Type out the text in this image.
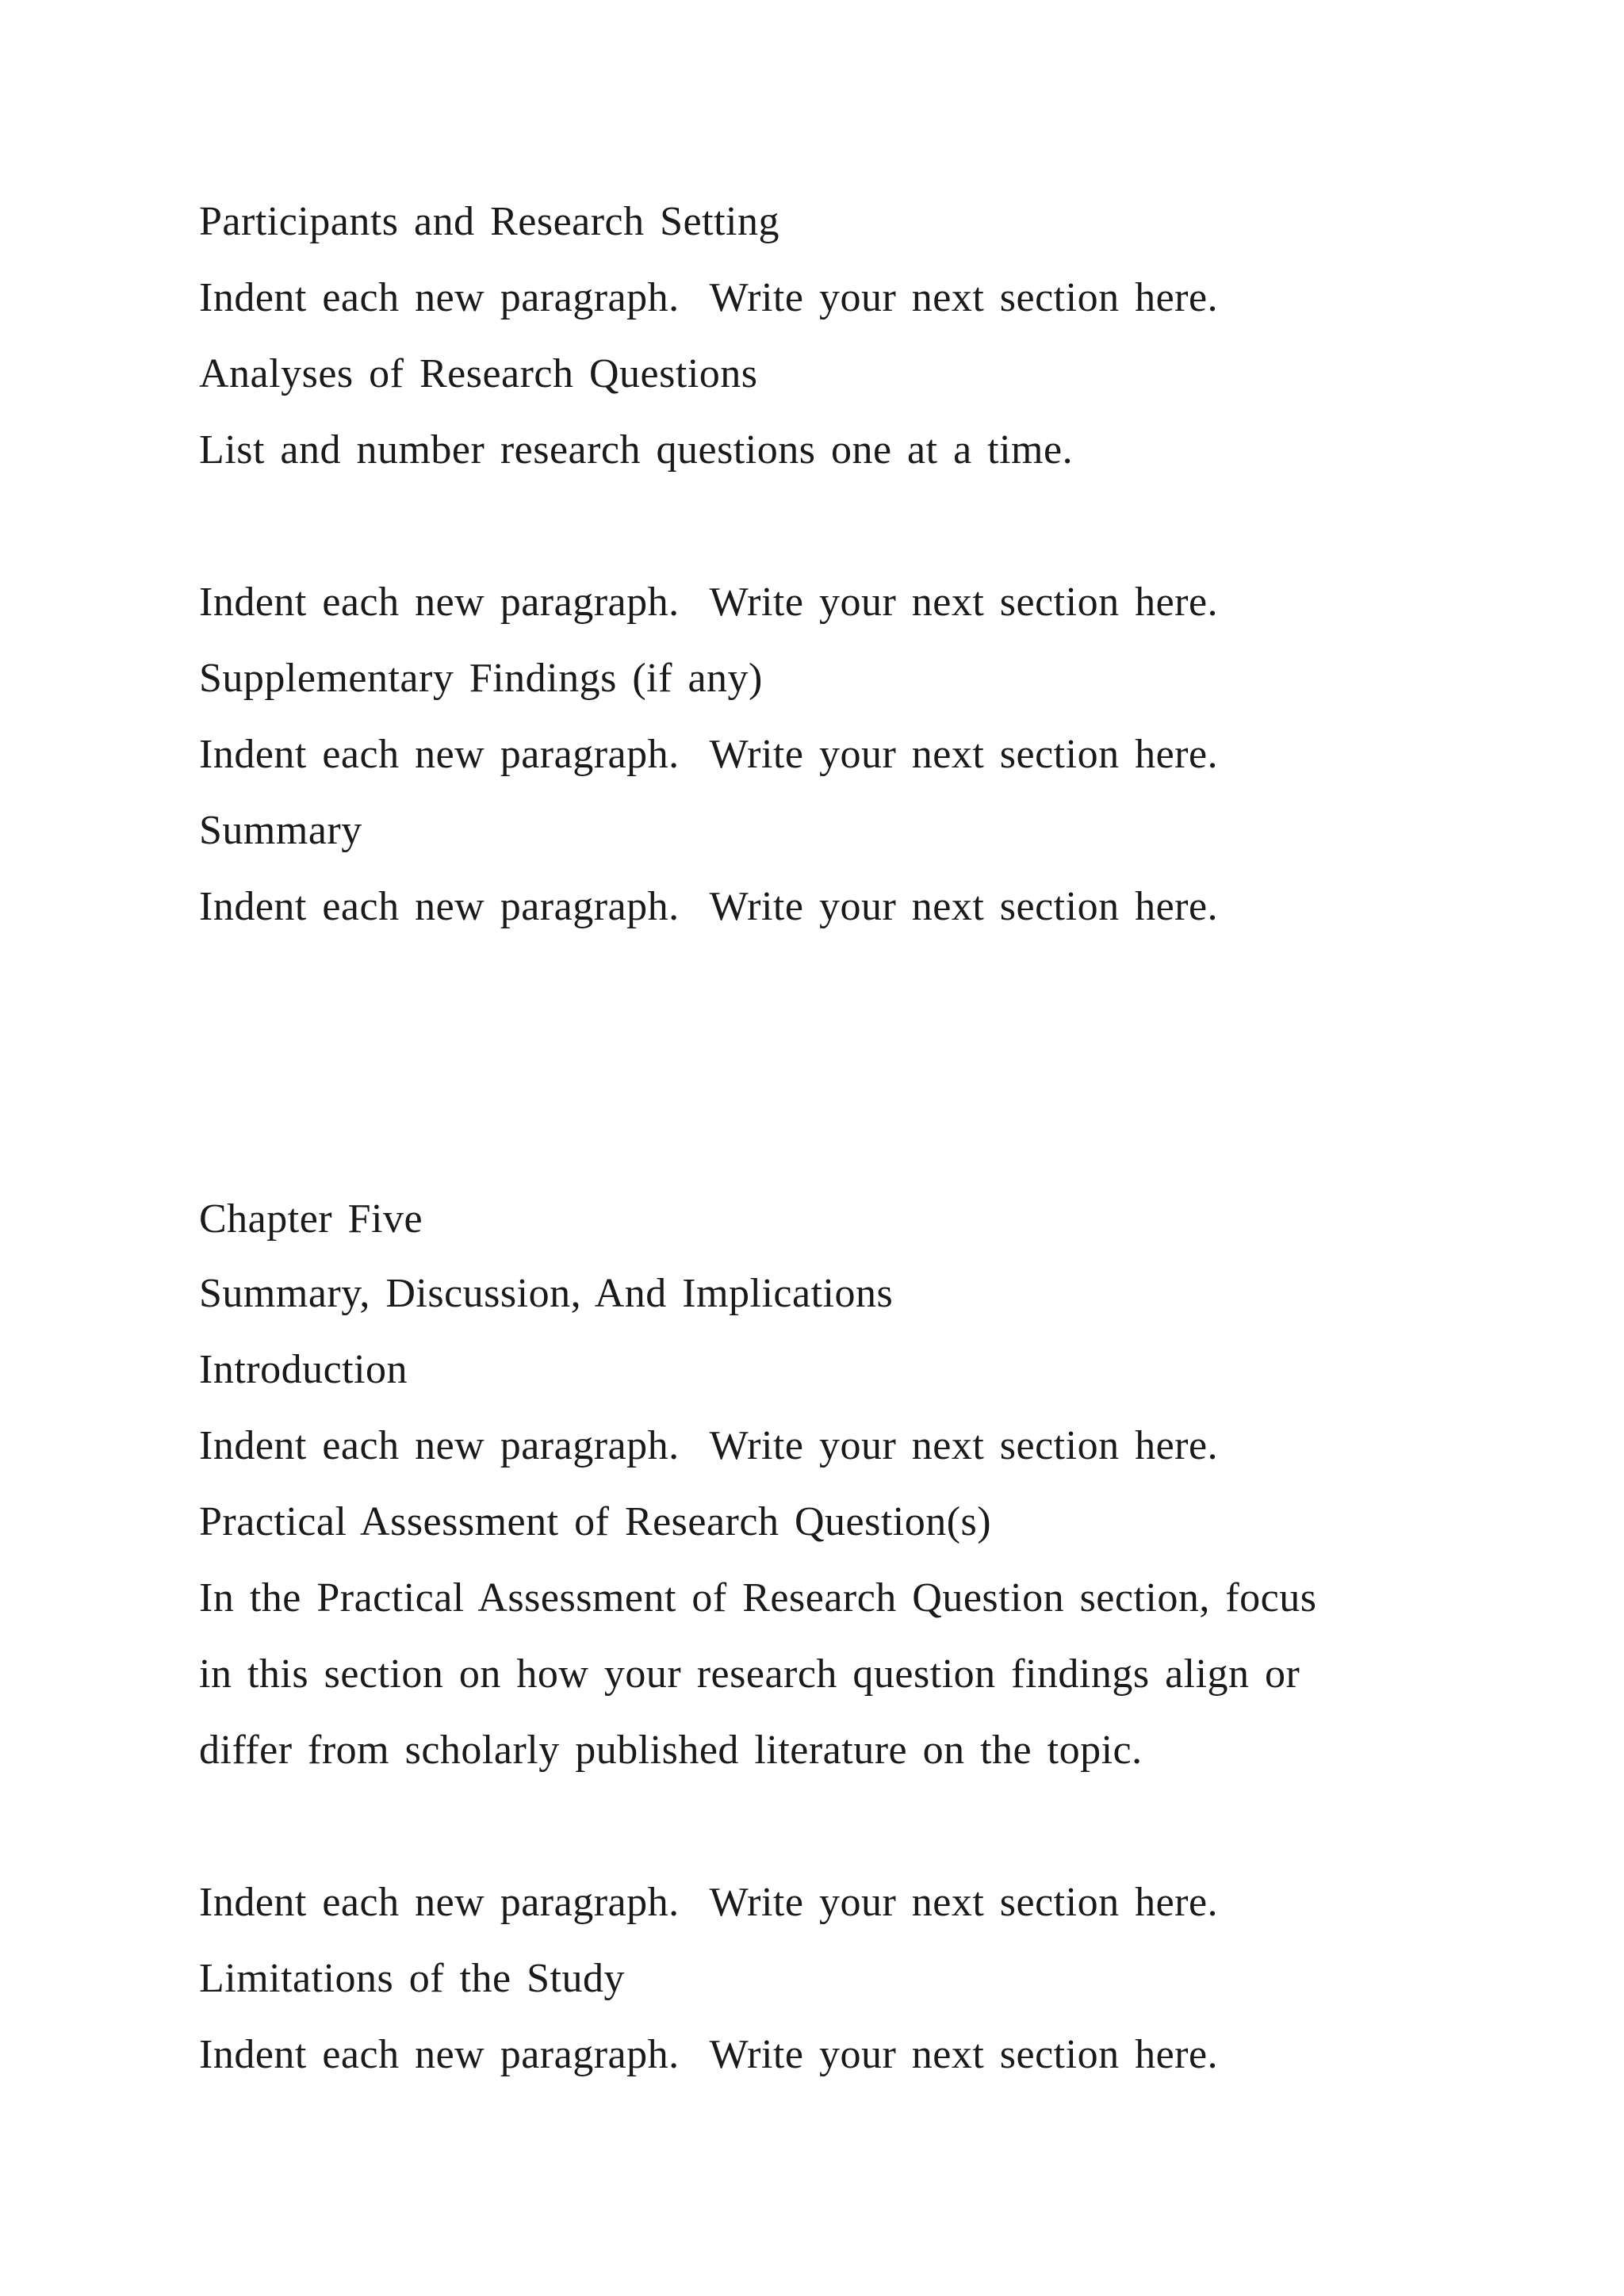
Participants and Research Setting

Indent each new paragraph.  Write your next section here.

Analyses of Research Questions

List and number research questions one at a time.

Indent each new paragraph.  Write your next section here.

Supplementary Findings (if any)

Indent each new paragraph.  Write your next section here.

Summary

Indent each new paragraph.  Write your next section here.

Chapter Five

Summary, Discussion, And Implications

Introduction

Indent each new paragraph.  Write your next section here.

Practical Assessment of Research Question(s)

In the Practical Assessment of Research Question section, focus

in this section on how your research question findings align or

differ from scholarly published literature on the topic.

Indent each new paragraph.  Write your next section here.

Limitations of the Study

Indent each new paragraph.  Write your next section here.
